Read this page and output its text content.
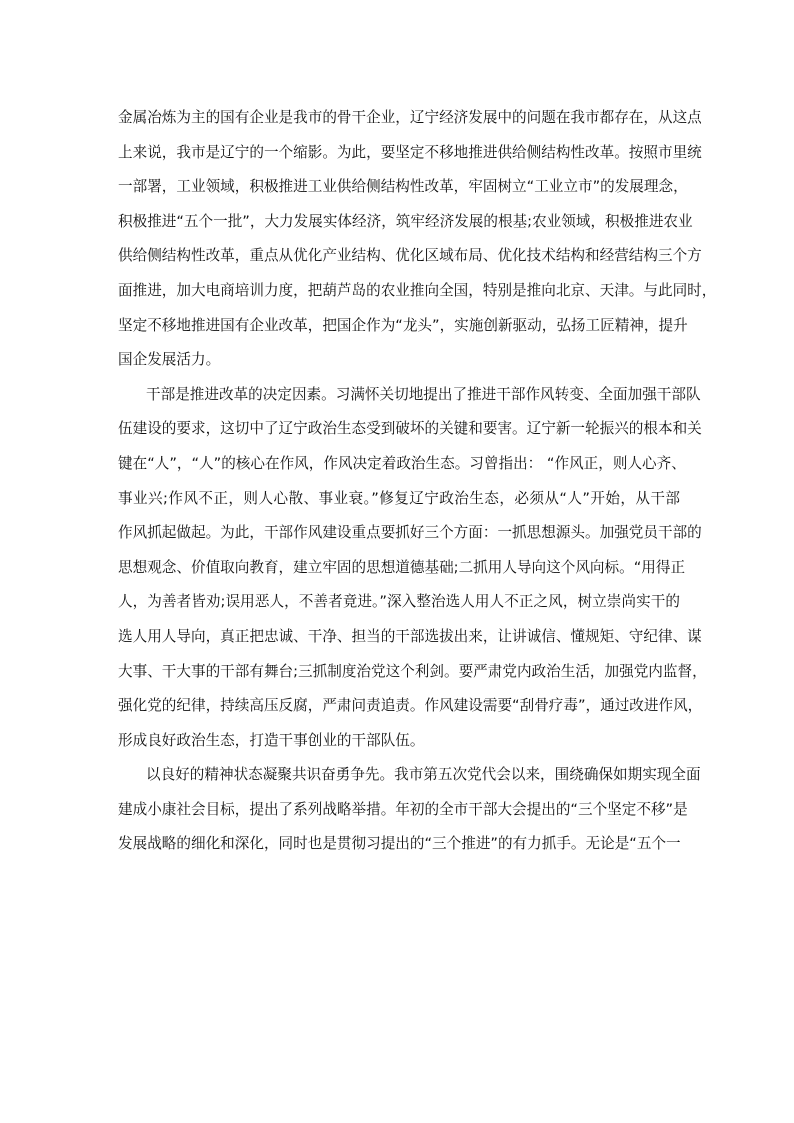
金属冶炼为主的国有企业是我市的骨干企业，辽宁经济发展中的问题在我市都存在，从这点
上来说，我市是辽宁的一个缩影。为此，要坚定不移地推进供给侧结构性改革。按照市里统
一部署，工业领域，积极推进工业供给侧结构性改革，牢固树立“工业立市”的发展理念，
积极推进“五个一批”，大力发展实体经济，筑牢经济发展的根基;农业领域，积极推进农业
供给侧结构性改革，重点从优化产业结构、优化区域布局、优化技术结构和经营结构三个方
面推进，加大电商培训力度，把葫芦岛的农业推向全国，特别是推向北京、天津。与此同时，
坚定不移地推进国有企业改革，把国企作为“龙头”，实施创新驱动，弘扬工匠精神，提升
国企发展活力。
干部是推进改革的决定因素。习满怀关切地提出了推进干部作风转变、全面加强干部队
伍建设的要求，这切中了辽宁政治生态受到破坏的关键和要害。辽宁新一轮振兴的根本和关
键在“人”，“人”的核心在作风，作风决定着政治生态。习曾指出： “作风正，则人心齐、
事业兴;作风不正，则人心散、事业衰。”修复辽宁政治生态，必须从“人”开始，从干部
作风抓起做起。为此，干部作风建设重点要抓好三个方面：一抓思想源头。加强党员干部的
思想观念、价值取向教育，建立牢固的思想道德基础;二抓用人导向这个风向标。“用得正
人，为善者皆劝;误用恶人，不善者竟进。”深入整治选人用人不正之风，树立崇尚实干的
选人用人导向，真正把忠诚、干净、担当的干部选拔出来，让讲诚信、懂规矩、守纪律、谋
大事、干大事的干部有舞台;三抓制度治党这个利剑。要严肃党内政治生活，加强党内监督，
强化党的纪律，持续高压反腐，严肃问责追责。作风建设需要“刮骨疗毒”，通过改进作风，
形成良好政治生态，打造干事创业的干部队伍。
以良好的精神状态凝聚共识奋勇争先。我市第五次党代会以来，围绕确保如期实现全面
建成小康社会目标，提出了系列战略举措。年初的全市干部大会提出的“三个坚定不移”是
发展战略的细化和深化，同时也是贯彻习提出的“三个推进”的有力抓手。无论是“五个一
